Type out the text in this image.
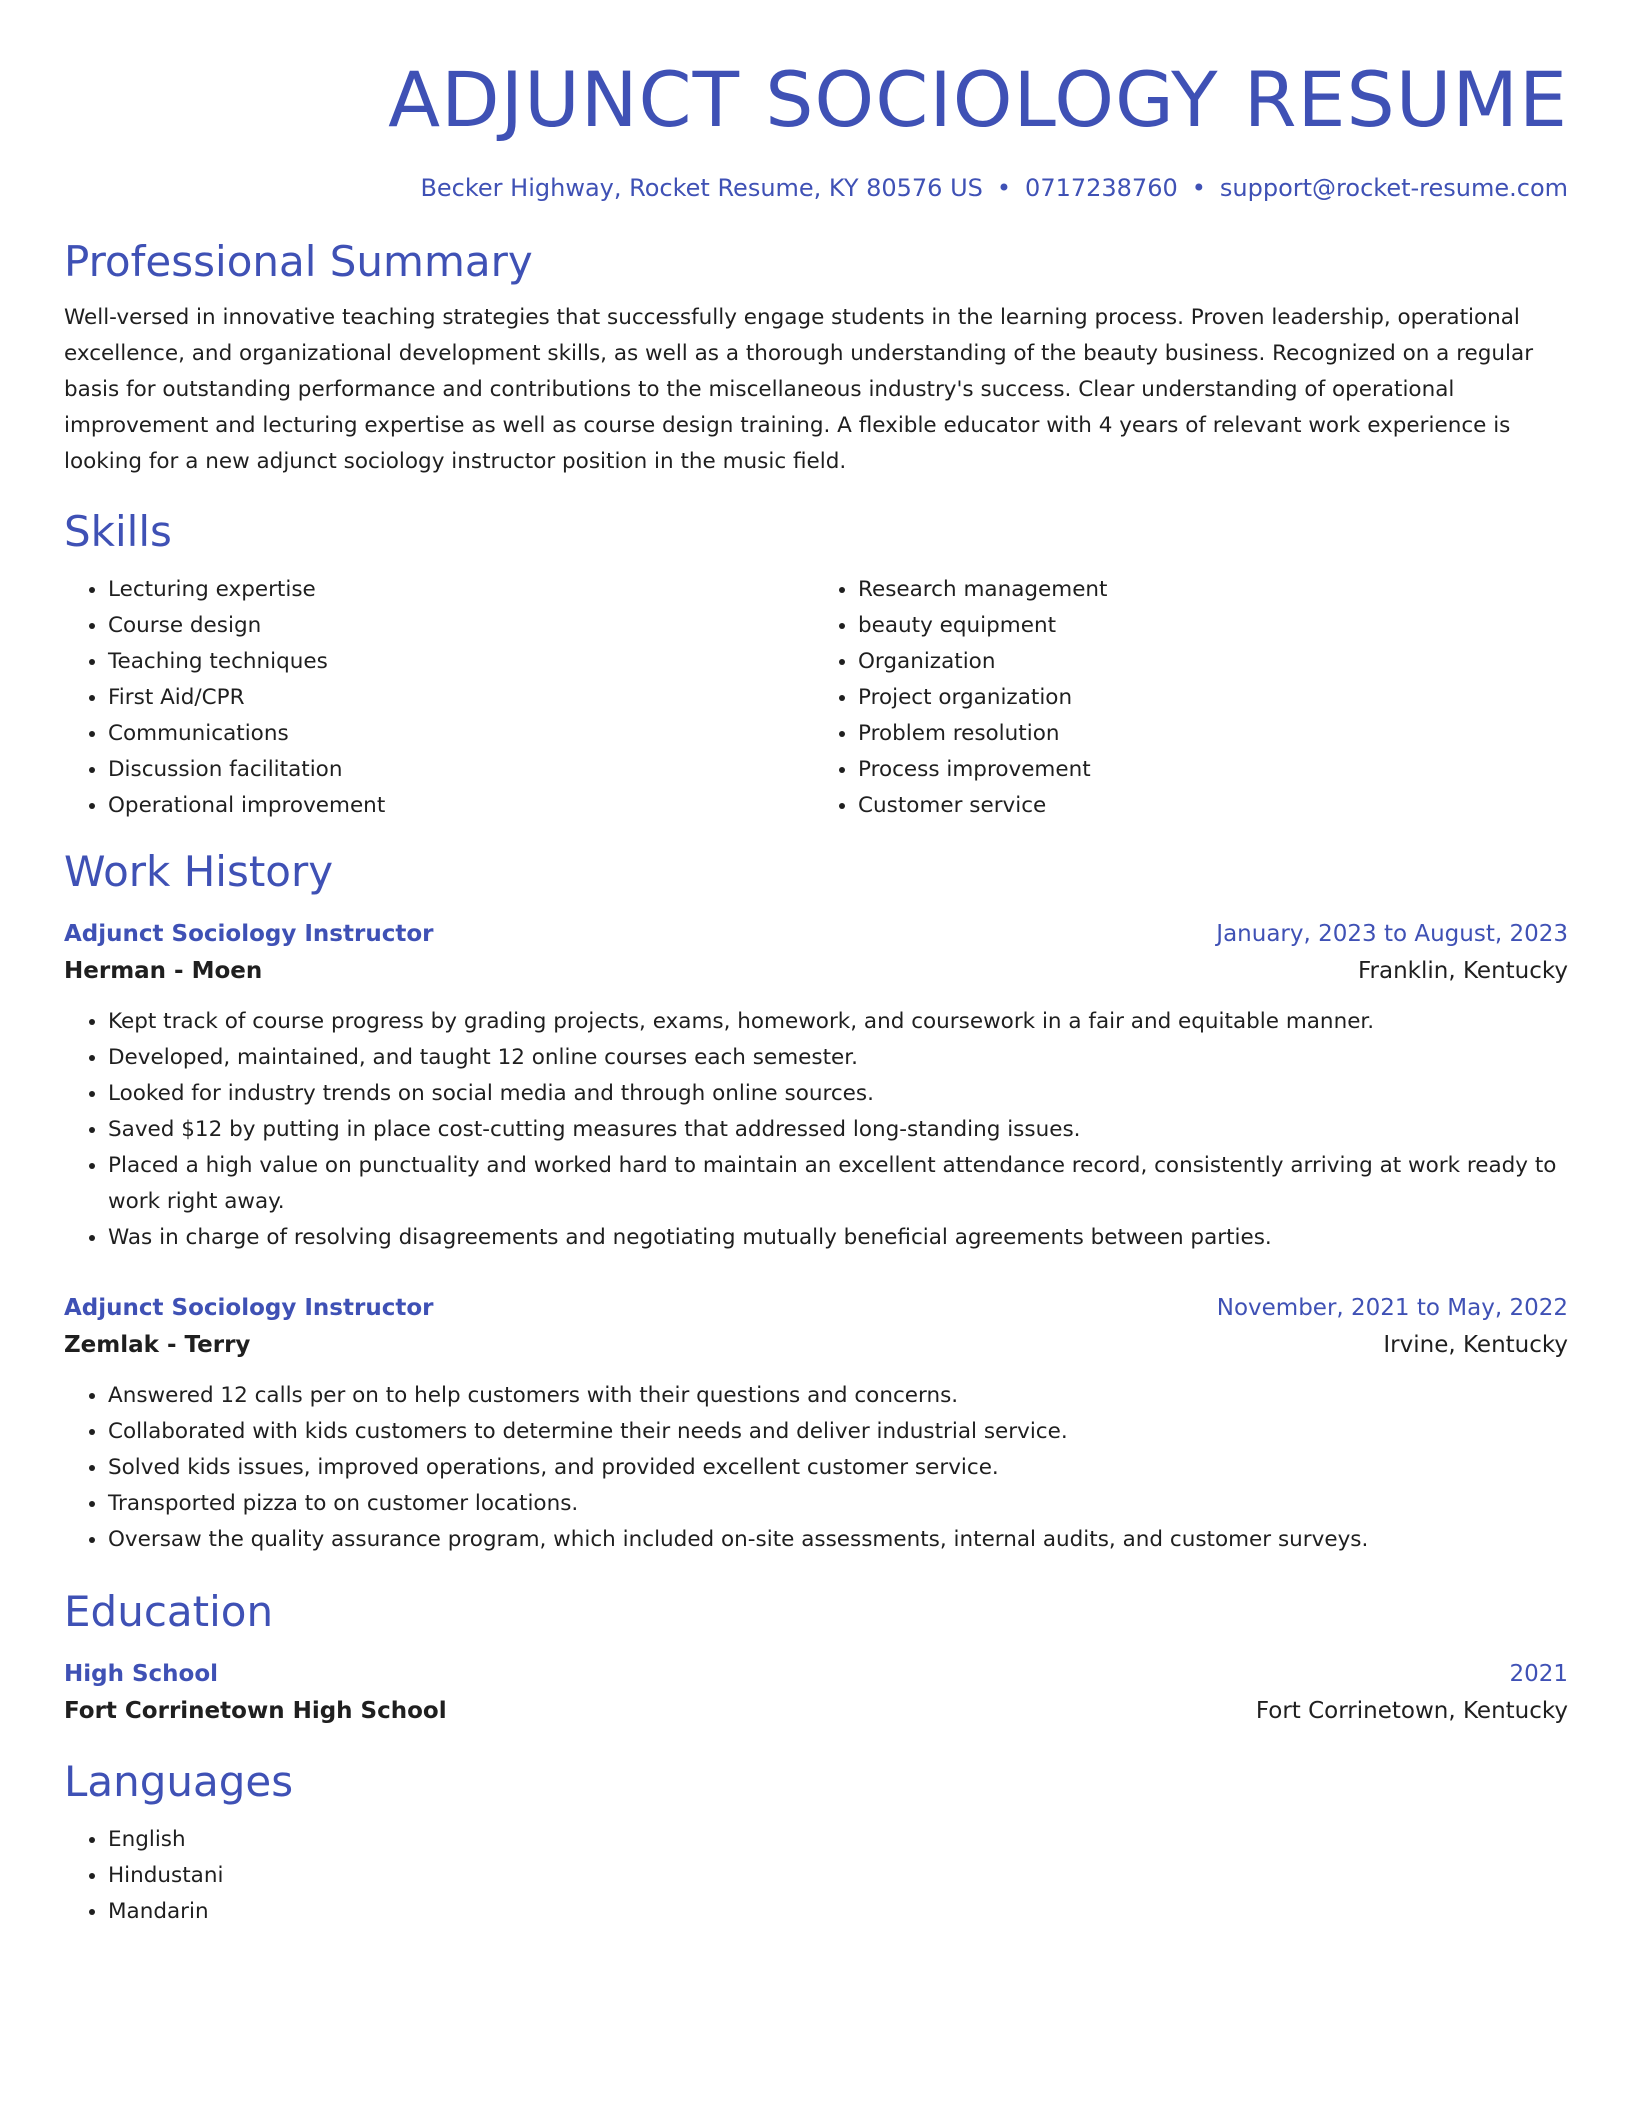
ADJUNCT SOCIOLOGY RESUME
Becker Highway, Rocket Resume, KY 80576 US • 0717238760 • support@rocket-resume.com
Professional Summary
Well-versed in innovative teaching strategies that successfully engage students in the learning process. Proven leadership, operational excellence, and organizational development skills, as well as a thorough understanding of the beauty business. Recognized on a regular basis for outstanding performance and contributions to the miscellaneous industry's success. Clear understanding of operational improvement and lecturing expertise as well as course design training. A flexible educator with 4 years of relevant work experience is looking for a new adjunct sociology instructor position in the music field.
Skills
• Lecturing expertise
• Course design
• Teaching techniques
• First Aid/CPR
• Communications
• Discussion facilitation
• Operational improvement
• Research management
• beauty equipment
• Organization
• Project organization
• Problem resolution
• Process improvement
• Customer service
Work History
Adjunct Sociology Instructor	January, 2023 to August, 2023
Herman - Moen	Franklin, Kentucky
• Kept track of course progress by grading projects, exams, homework, and coursework in a fair and equitable manner.
• Developed, maintained, and taught 12 online courses each semester.
• Looked for industry trends on social media and through online sources.
• Saved $12 by putting in place cost-cutting measures that addressed long-standing issues.
• Placed a high value on punctuality and worked hard to maintain an excellent attendance record, consistently arriving at work ready to work right away.
• Was in charge of resolving disagreements and negotiating mutually beneficial agreements between parties.
Adjunct Sociology Instructor	November, 2021 to May, 2022
Zemlak - Terry	Irvine, Kentucky
• Answered 12 calls per on to help customers with their questions and concerns.
• Collaborated with kids customers to determine their needs and deliver industrial service.
• Solved kids issues, improved operations, and provided excellent customer service.
• Transported pizza to on customer locations.
• Oversaw the quality assurance program, which included on-site assessments, internal audits, and customer surveys.
Education
High School	2021
Fort Corrinetown High School	Fort Corrinetown, Kentucky
Languages
• English
• Hindustani
• Mandarin
